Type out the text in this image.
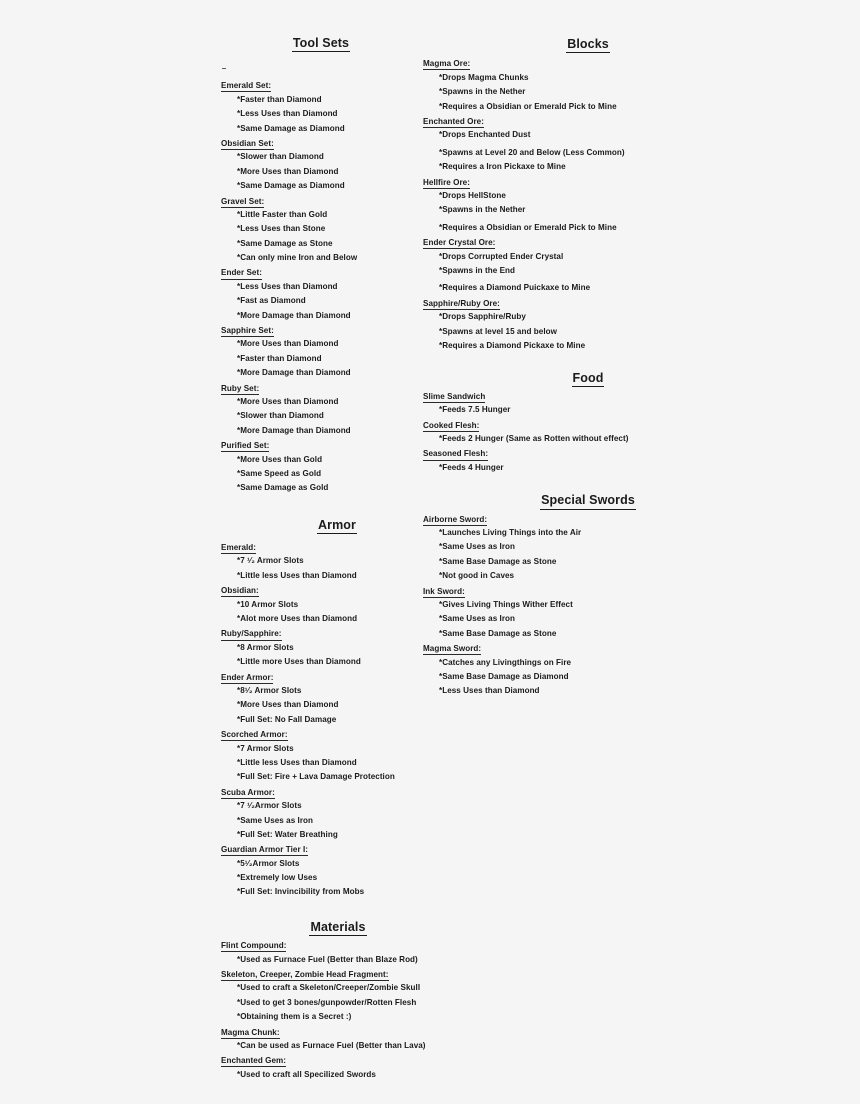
Tool Sets
Emerald Set:
*Faster than Diamond
*Less Uses than Diamond
*Same Damage as Diamond
Obsidian Set:
*Slower than Diamond
*More Uses than Diamond
*Same Damage as Diamond
Gravel Set:
*Little Faster than Gold
*Less Uses than Stone
*Same Damage as Stone
*Can only mine Iron and Below
Ender Set:
*Less Uses than Diamond
*Fast as Diamond
*More Damage than Diamond
Sapphire Set:
*More Uses than Diamond
*Faster than Diamond
*More Damage than Diamond
Ruby Set:
*More Uses than Diamond
*Slower than Diamond
*More Damage than Diamond
Purified Set:
*More Uses than Gold
*Same Speed as Gold
*Same Damage as Gold
Armor
Emerald:
*7 ¹⁄₂ Armor Slots
*Little less Uses than Diamond
Obsidian:
*10 Armor Slots
*Alot more Uses than Diamond
Ruby/Sapphire:
*8 Armor Slots
*Little more Uses than Diamond
Ender Armor:
*8¹⁄₂ Armor Slots
*More Uses than Diamond
*Full Set: No Fall Damage
Scorched Armor:
*7 Armor Slots
*Little less Uses than Diamond
*Full Set: Fire + Lava Damage Protection
Scuba Armor:
*7 ¹⁄₂Armor Slots
*Same Uses as Iron
*Full Set: Water Breathing
Guardian Armor Tier I:
*5¹⁄₂Armor Slots
*Extremely low Uses
*Full Set: Invincibility from Mobs
Materials
Flint Compound:
*Used as Furnace Fuel (Better than Blaze Rod)
Skeleton, Creeper, Zombie Head Fragment:
*Used to craft a Skeleton/Creeper/Zombie Skull
*Used to get 3 bones/gunpowder/Rotten Flesh
*Obtaining them is a Secret :)
Magma Chunk:
*Can be used as Furnace Fuel (Better than Lava)
Enchanted Gem:
*Used to craft all Specilized Swords
Blocks
Magma Ore:
*Drops Magma Chunks
*Spawns in the Nether
*Requires a Obsidian or Emerald Pick to Mine
Enchanted Ore:
*Drops Enchanted Dust
*Spawns at Level 20 and Below (Less Common)
*Requires a Iron Pickaxe to Mine
Hellfire Ore:
*Drops HellStone
*Spawns in the Nether
*Requires a Obsidian or Emerald Pick to Mine
Ender Crystal Ore:
*Drops Corrupted Ender Crystal
*Spawns in the End
*Requires a Diamond Puickaxe to Mine
Sapphire/Ruby Ore:
*Drops Sapphire/Ruby
*Spawns at level 15 and below
*Requires a Diamond Pickaxe to Mine
Food
Slime Sandwich
*Feeds 7.5 Hunger
Cooked Flesh:
*Feeds 2 Hunger (Same as Rotten without effect)
Seasoned Flesh:
*Feeds 4 Hunger
Special Swords
Airborne Sword:
*Launches Living Things into the Air
*Same Uses as Iron
*Same Base Damage as Stone
*Not good in Caves
Ink Sword:
*Gives Living Things Wither Effect
*Same Uses as Iron
*Same Base Damage as Stone
Magma Sword:
*Catches any Livingthings on Fire
*Same Base Damage as Diamond
*Less Uses than Diamond
